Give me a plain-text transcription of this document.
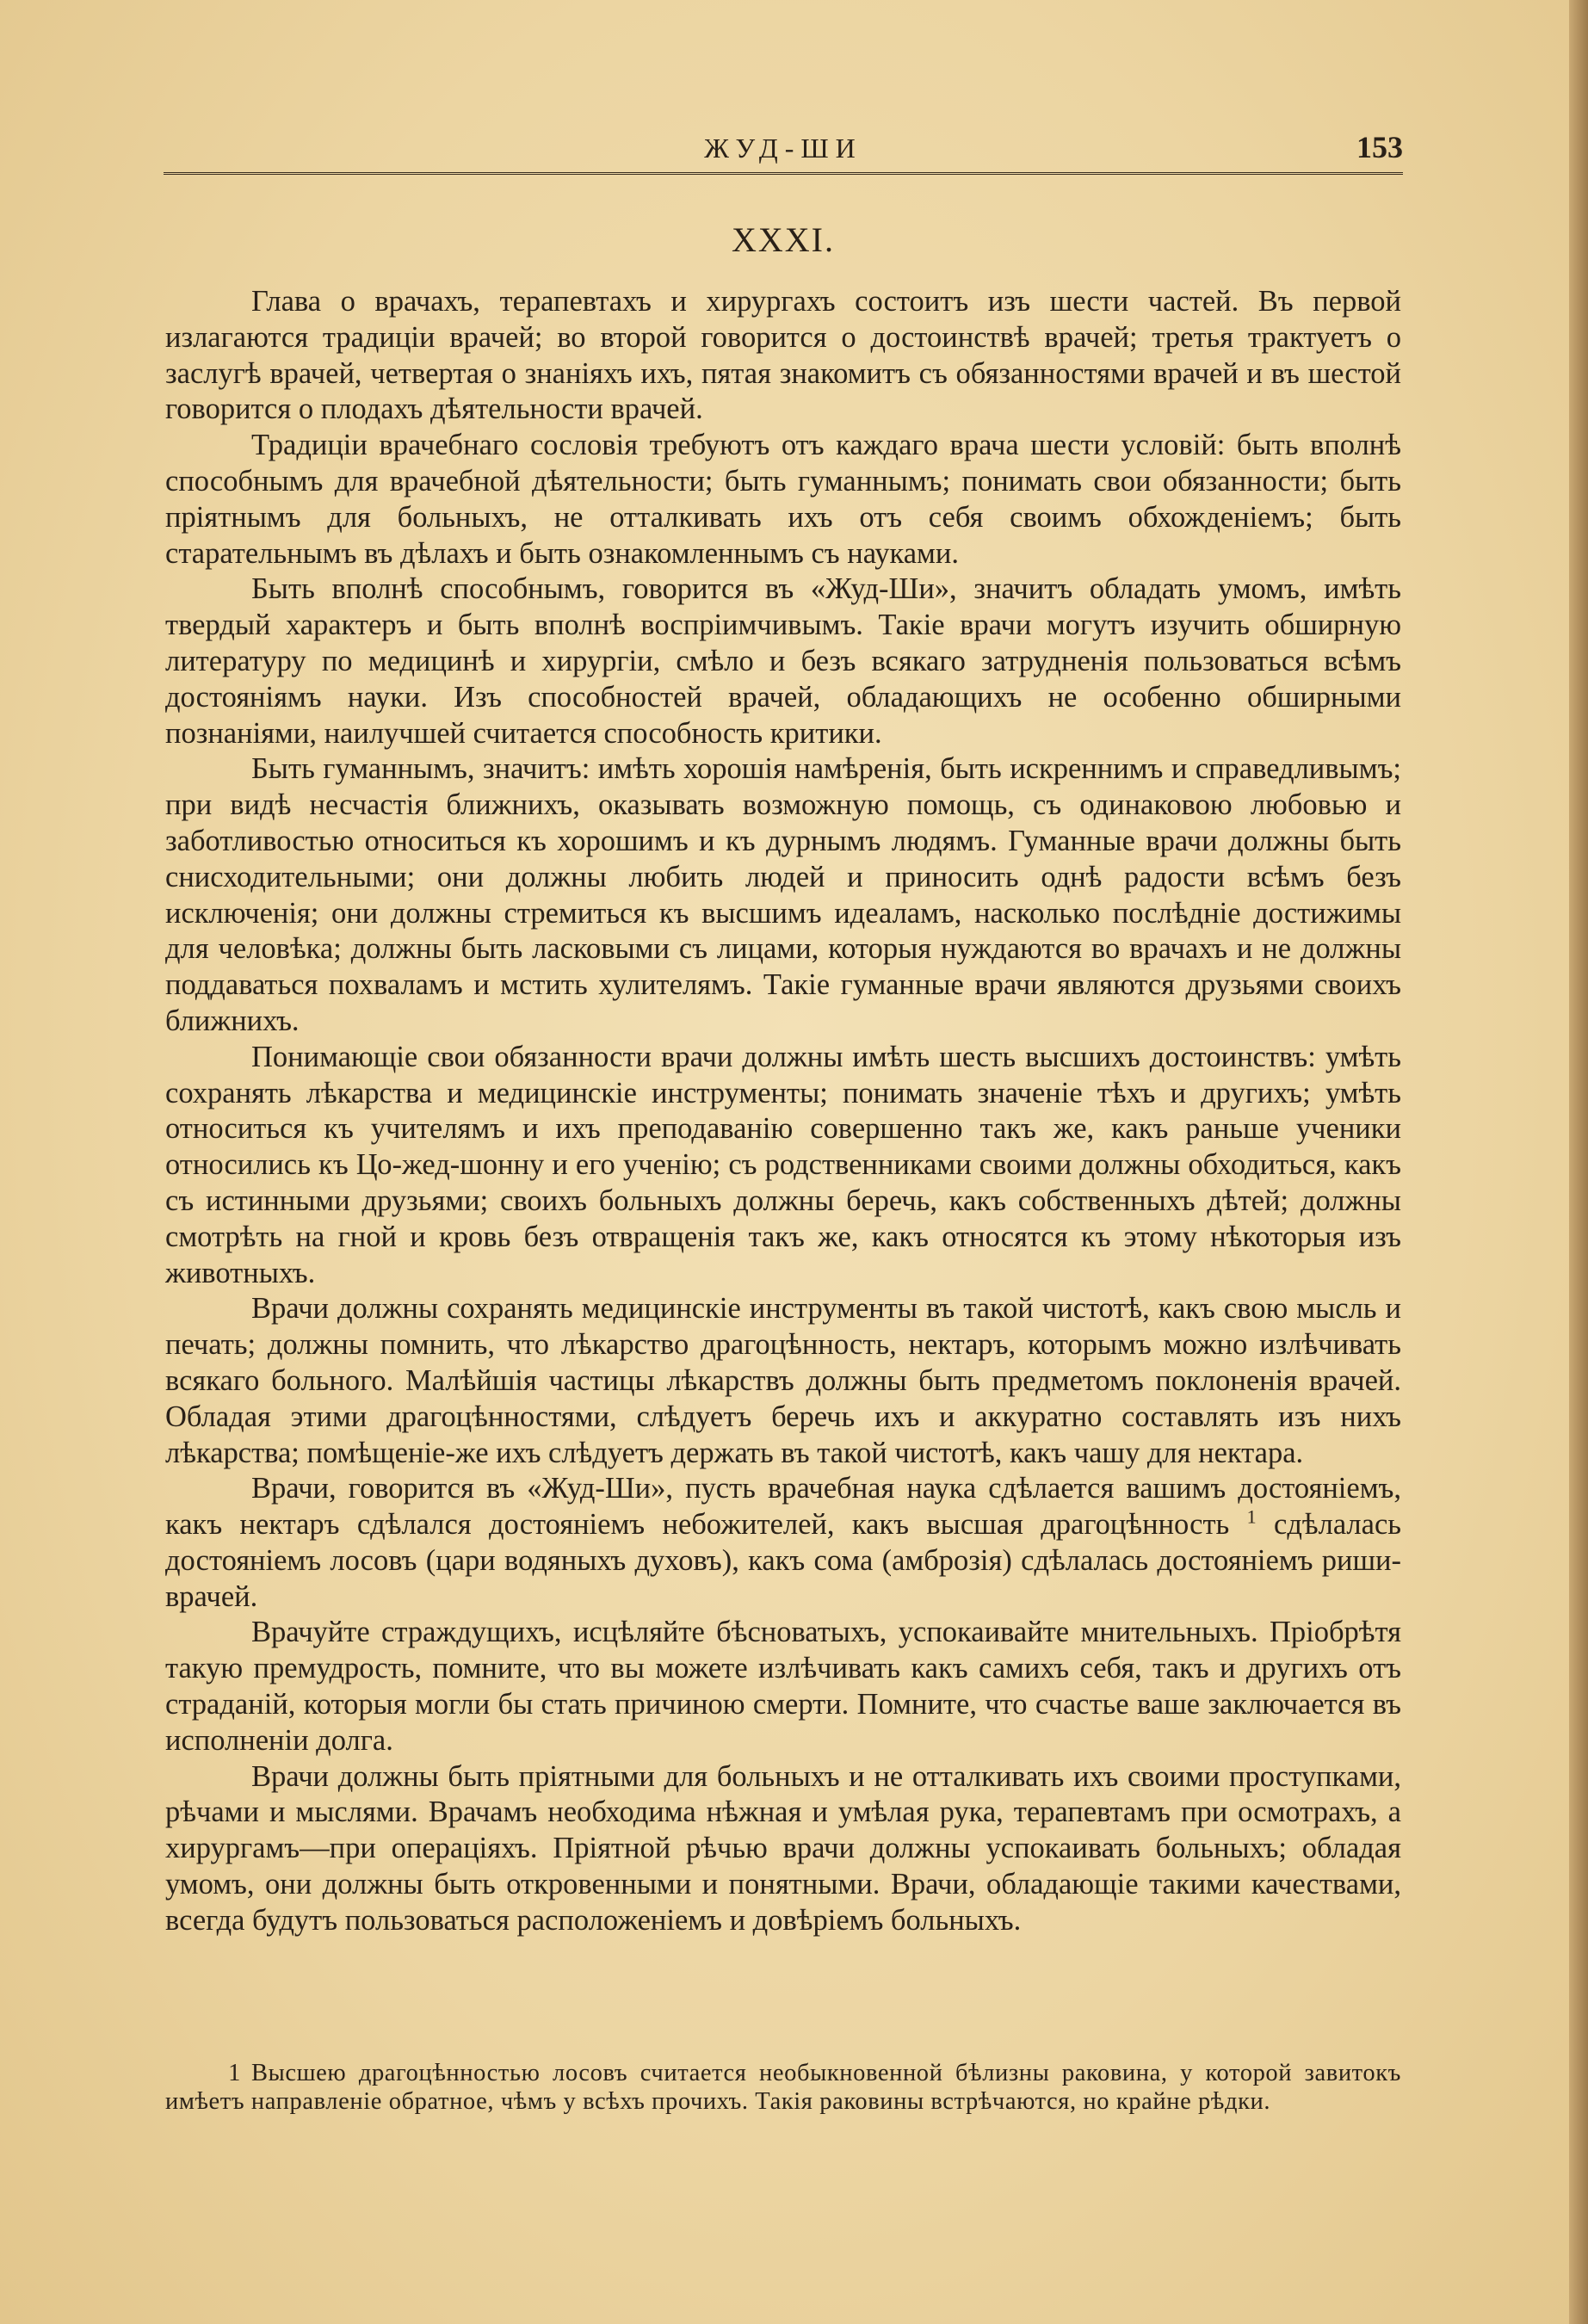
ЖУД-ШИ	153
XXXI.

Глава о врачахъ, терапевтахъ и хирургахъ состоитъ изъ шести частей. Въ первой излагаются традиціи врачей; во второй говорится о достоинствѣ врачей; третья трактуетъ о заслугѣ врачей, четвертая о знаніяхъ ихъ, пятая знакомитъ съ обязанностями врачей и въ шестой говорится о плодахъ дѣятельности врачей.

Традиціи врачебнаго сословія требуютъ отъ каждаго врача шести условій: быть вполнѣ способнымъ для врачебной дѣятельности; быть гуманнымъ; понимать свои обязанности; быть пріятнымъ для больныхъ, не отталкивать ихъ отъ себя своимъ обхожденіемъ; быть старательнымъ въ дѣлахъ и быть ознакомленнымъ съ науками.

Быть вполнѣ способнымъ, говорится въ «Жуд-Ши», значитъ обладать умомъ, имѣть твердый характеръ и быть вполнѣ воспріимчивымъ. Такіе врачи могутъ изучить обширную литературу по медицинѣ и хирургіи, смѣло и безъ всякаго затрудненія пользоваться всѣмъ достояніямъ науки. Изъ способностей врачей, обладающихъ не особенно обширными познаніями, наилучшей считается способность критики.

Быть гуманнымъ, значитъ: имѣть хорошія намѣренія, быть искреннимъ и справедливымъ; при видѣ несчастія ближнихъ, оказывать возможную помощь, съ одинаковою любовью и заботливостью относиться къ хорошимъ и къ дурнымъ людямъ. Гуманные врачи должны быть снисходительными; они должны любить людей и приносить однѣ радости всѣмъ безъ исключенія; они должны стремиться къ высшимъ идеаламъ, насколько послѣдніе достижимы для человѣка; должны быть ласковыми съ лицами, которыя нуждаются во врачахъ и не должны поддаваться похваламъ и мстить хулителямъ. Такіе гуманные врачи являются друзьями своихъ ближнихъ.

Понимающіе свои обязанности врачи должны имѣть шесть высшихъ достоинствъ: умѣть сохранять лѣкарства и медицинскіе инструменты; понимать значеніе тѣхъ и другихъ; умѣть относиться къ учителямъ и ихъ преподаванію совершенно такъ же, какъ раньше ученики относились къ Цо-жед-шонну и его ученію; съ родственниками своими должны обходиться, какъ съ истинными друзьями; своихъ больныхъ должны беречь, какъ собственныхъ дѣтей; должны смотрѣть на гной и кровь безъ отвращенія такъ же, какъ относятся къ этому нѣкоторыя изъ животныхъ.

Врачи должны сохранять медицинскіе инструменты въ такой чистотѣ, какъ свою мысль и печать; должны помнить, что лѣкарство драгоцѣнность, нектаръ, которымъ можно излѣчивать всякаго больного. Малѣйшія частицы лѣкарствъ должны быть предметомъ поклоненія врачей. Обладая этими драгоцѣнностями, слѣдуетъ беречь ихъ и аккуратно составлять изъ нихъ лѣкарства; помѣщеніе-же ихъ слѣдуетъ держать въ такой чистотѣ, какъ чашу для нектара.

Врачи, говорится въ «Жуд-Ши», пусть врачебная наука сдѣлается вашимъ достояніемъ, какъ нектаръ сдѣлался достояніемъ небожителей, какъ высшая драгоцѣнность $^1$ сдѣлалась достояніемъ лосовъ (цари водяныхъ духовъ), какъ сома (амброзія) сдѣлалась достояніемъ риши-врачей.

Врачуйте страждущихъ, исцѣляйте бѣсноватыхъ, успокаивайте мнительныхъ. Пріобрѣтя такую премудрость, помните, что вы можете излѣчивать какъ самихъ себя, такъ и другихъ отъ страданій, которыя могли бы стать причиною смерти. Помните, что счастье ваше заключается въ исполненіи долга.

Врачи должны быть пріятными для больныхъ и не отталкивать ихъ своими проступками, рѣчами и мыслями. Врачамъ необходима нѣжная и умѣлая рука, терапевтамъ при осмотрахъ, а хирургамъ—при операціяхъ. Пріятной рѣчью врачи должны успокаивать больныхъ; обладая умомъ, они должны быть откровенными и понятными. Врачи, обладающіе такими качествами, всегда будутъ пользоваться расположеніемъ и довѣріемъ больныхъ.

1 Высшею драгоцѣнностью лосовъ считается необыкновенной бѣлизны раковина, у которой завитокъ имѣетъ направленіе обратное, чѣмъ у всѣхъ прочихъ. Такія раковины встрѣчаются, но крайне рѣдки.
